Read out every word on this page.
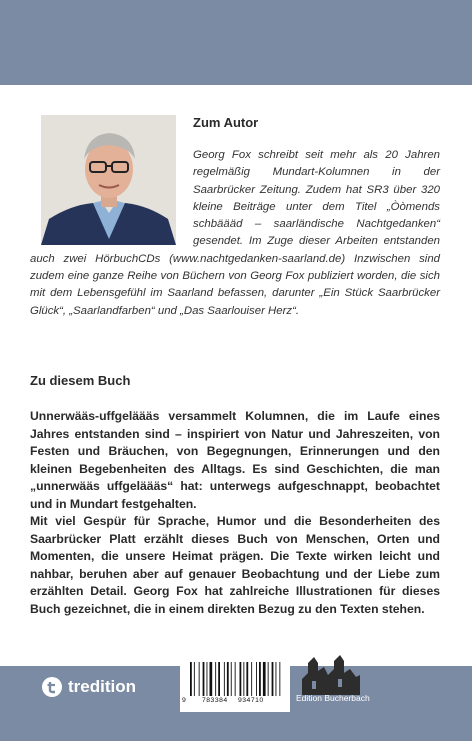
Zum Autor

Georg Fox schreibt seit mehr als 20 Jahren regelmäßig Mundart-Kolumnen in der Saarbrücker Zeitung. Zudem hat SR3 über 320 kleine Beiträge unter dem Titel „Òòmends schbäääd – saarländische Nachtgedanken“ gesendet. Im Zuge dieser Arbeiten entstanden auch zwei HörbuchCDs (www.nachtgedanken-saarland.de) Inzwischen sind zudem eine ganze Reihe von Büchern von Georg Fox publiziert worden, die sich mit dem Lebensgefühl im Saarland befassen, darunter „Ein Stück Saarbrücker Glück“, „Saarlandfarben“ und „Das Saarlouiser Herz“.

Zu diesem Buch

Unnerwääs-uffgeläääs versammelt Kolumnen, die im Laufe eines Jahres entstanden sind – inspiriert von Natur und Jahreszeiten, von Festen und Bräuchen, von Begegnungen, Erinnerungen und den kleinen Begebenheiten des Alltags. Es sind Geschichten, die man „unnerwääs uffgeläääs“ hat: unterwegs aufgeschnappt, beobachtet und in Mundart festgehalten.

Mit viel Gespür für Sprache, Humor und die Besonderheiten des Saarbrücker Platt erzählt dieses Buch von Menschen, Orten und Momenten, die unsere Heimat prägen. Die Texte wirken leicht und nahbar, beruhen aber auf genauer Beobachtung und der Liebe zum erzählten Detail. Georg Fox hat zahlreiche Illustrationen für dieses Buch gezeichnet, die in einem direkten Bezug zu den Texten stehen.

tredition
9 783384 934710	Edition Bucherbach
